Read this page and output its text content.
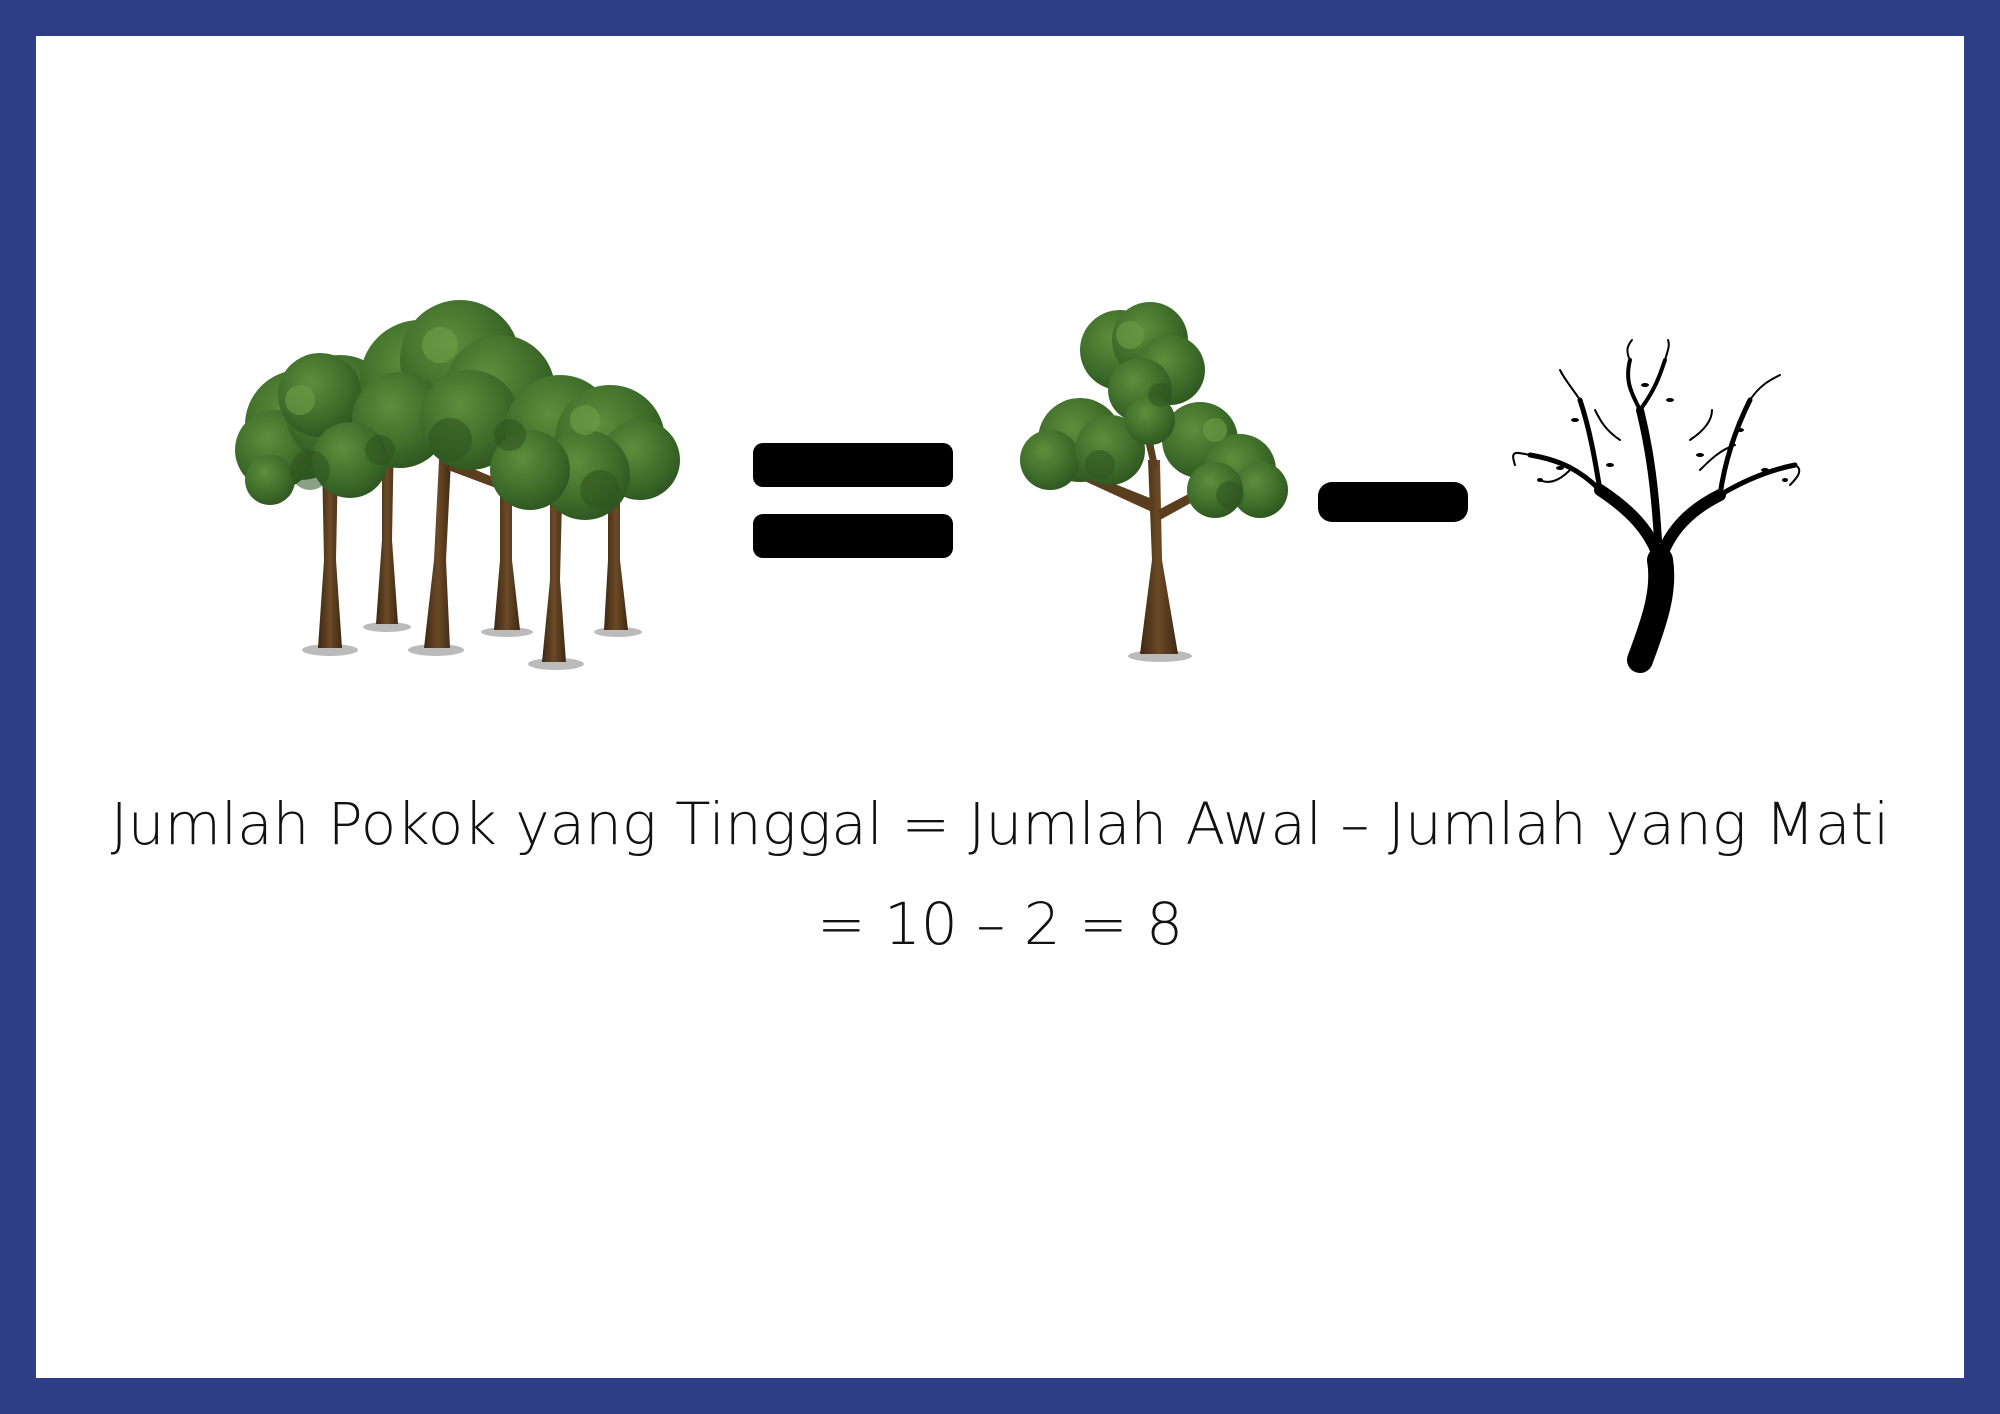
Jumlah Pokok yang Tinggal = Jumlah Awal – Jumlah yang Mati
= 10 – 2 = 8
